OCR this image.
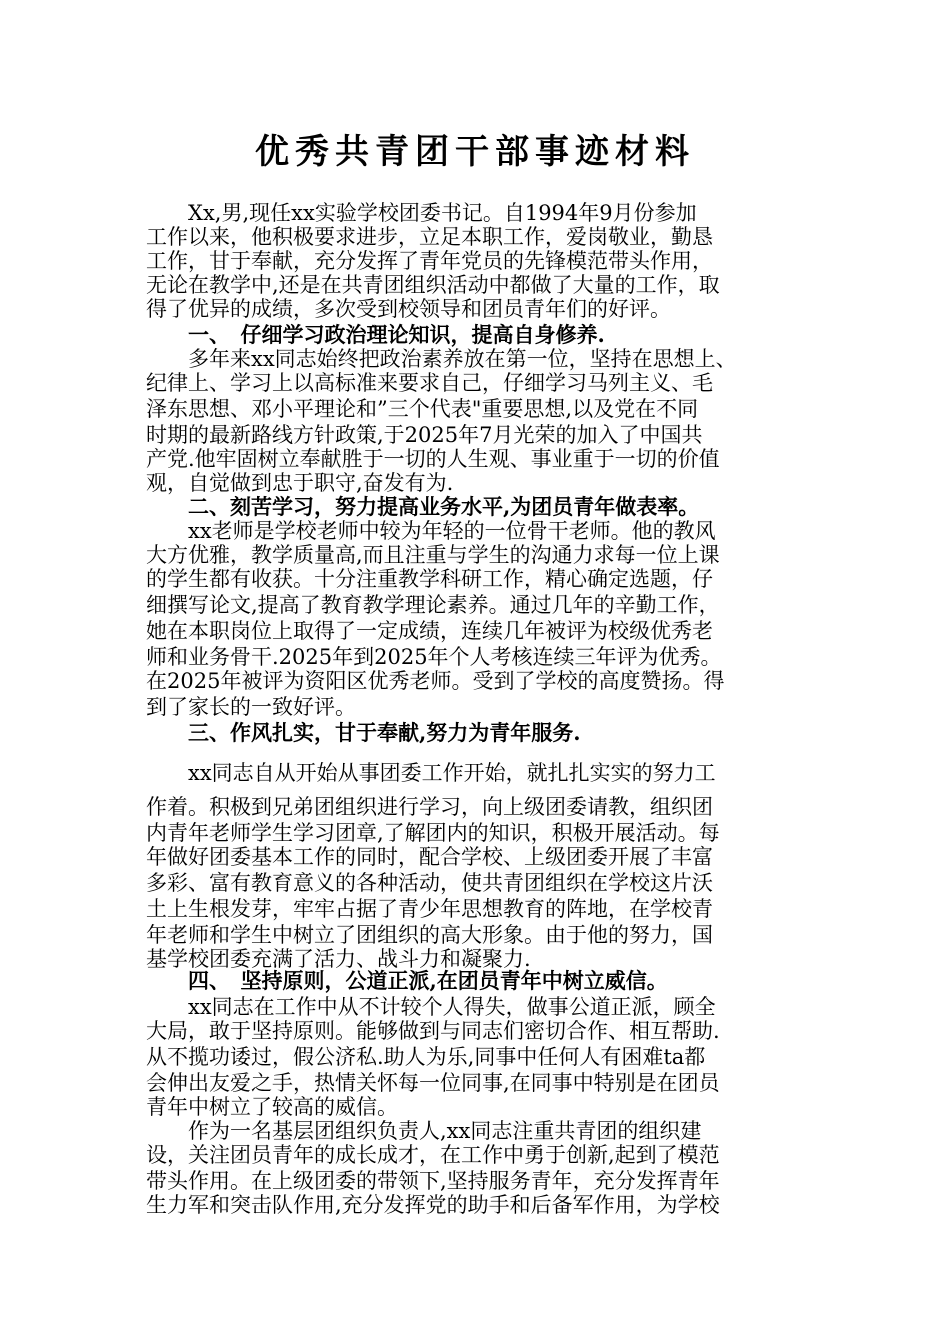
优秀共青团干部事迹材料
　　Xx,男,现任xx实验学校团委书记。自1994年9月份参加
工作以来，他积极要求进步，立足本职工作，爱岗敬业，勤恳
工作，甘于奉献，充分发挥了青年党员的先锋模范带头作用，
无论在教学中,还是在共青团组织活动中都做了大量的工作，取
得了优异的成绩，多次受到校领导和团员青年们的好评。
　　一、　仔细学习政治理论知识，提高自身修养.
　　多年来xx同志始终把政治素养放在第一位，坚持在思想上、
纪律上、学习上以高标准来要求自己，仔细学习马列主义、毛
泽东思想、邓小平理论和”三个代表"重要思想,以及党在不同
时期的最新路线方针政策,于2025年7月光荣的加入了中国共
产党.他牢固树立奉献胜于一切的人生观、事业重于一切的价值
观，自觉做到忠于职守,奋发有为.
　　二、刻苦学习，努力提高业务水平,为团员青年做表率。
　　xx老师是学校老师中较为年轻的一位骨干老师。他的教风
大方优雅，教学质量高,而且注重与学生的沟通力求每一位上课
的学生都有收获。十分注重教学科研工作，精心确定选题，仔
细撰写论文,提高了教育教学理论素养。通过几年的辛勤工作，
她在本职岗位上取得了一定成绩，连续几年被评为校级优秀老
师和业务骨干.2025年到2025年个人考核连续三年评为优秀。
在2025年被评为资阳区优秀老师。受到了学校的高度赞扬。得
到了家长的一致好评。
　　三、作风扎实，甘于奉献,努力为青年服务.
　　xx同志自从开始从事团委工作开始，就扎扎实实的努力工
作着。积极到兄弟团组织进行学习，向上级团委请教，组织团
内青年老师学生学习团章,了解团内的知识，积极开展活动。每
年做好团委基本工作的同时，配合学校、上级团委开展了丰富
多彩、富有教育意义的各种活动，使共青团组织在学校这片沃
土上生根发芽，牢牢占据了青少年思想教育的阵地，在学校青
年老师和学生中树立了团组织的高大形象。由于他的努力，国
基学校团委充满了活力、战斗力和凝聚力.
　　四、　坚持原则，公道正派,在团员青年中树立威信。
　　xx同志在工作中从不计较个人得失，做事公道正派，顾全
大局，敢于坚持原则。能够做到与同志们密切合作、相互帮助.
从不揽功诿过，假公济私.助人为乐,同事中任何人有困难ta都
会伸出友爱之手，热情关怀每一位同事,在同事中特别是在团员
青年中树立了较高的威信。
　　作为一名基层团组织负责人,xx同志注重共青团的组织建
设，关注团员青年的成长成才，在工作中勇于创新,起到了模范
带头作用。在上级团委的带领下,坚持服务青年，充分发挥青年
生力军和突击队作用,充分发挥党的助手和后备军作用，为学校
